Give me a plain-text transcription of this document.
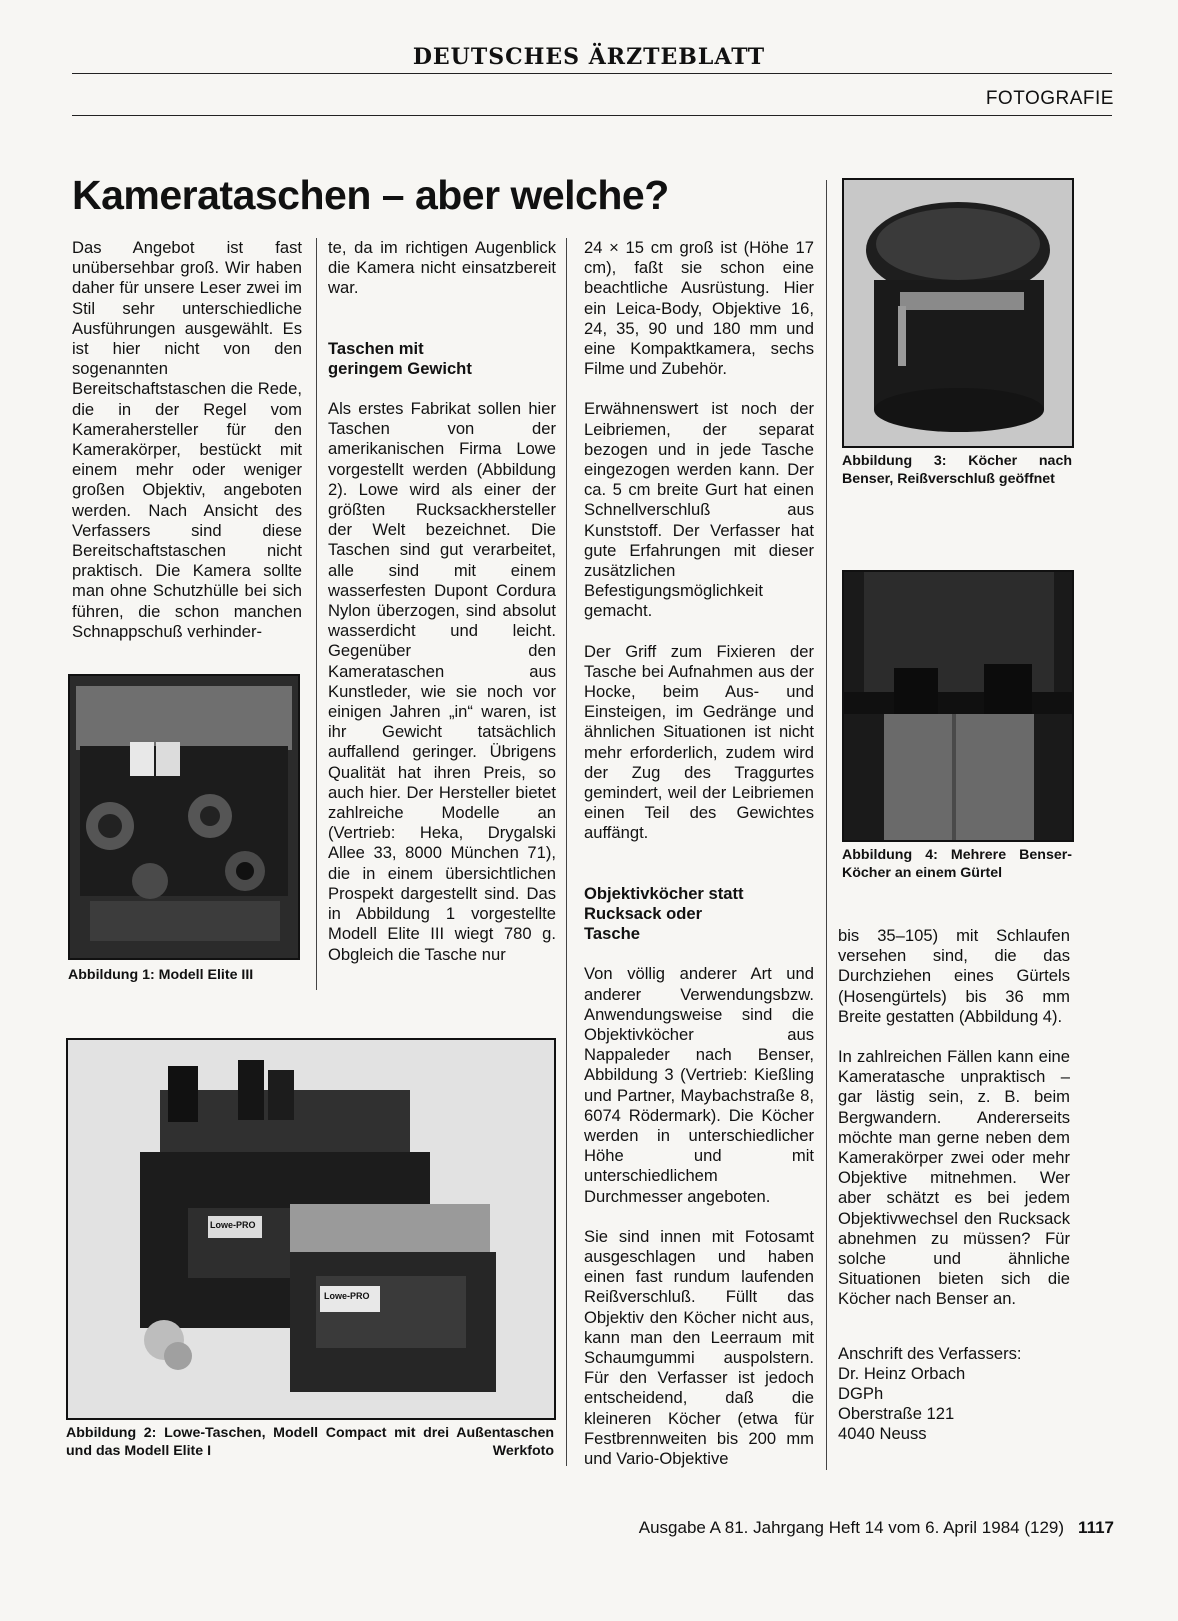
DEUTSCHES ÄRZTEBLATT
FOTOGRAFIE
Kamerataschen – aber welche?

Das Angebot ist fast unübersehbar groß. Wir haben daher für unsere Leser zwei im Stil sehr unterschiedliche Ausführungen ausgewählt. Es ist hier nicht von den sogenannten Bereitschaftstaschen die Rede, die in der Regel vom Kamerahersteller für den Kamerakörper, bestückt mit einem mehr oder weniger großen Objektiv, angeboten werden. Nach Ansicht des Verfassers sind diese Bereitschaftstaschen nicht praktisch. Die Kamera sollte man ohne Schutzhülle bei sich führen, die schon manchen Schnappschuß verhinder-

Abbildung 1: Modell Elite III

te, da im richtigen Augenblick die Kamera nicht einsatzbereit war.

Taschen mit geringem Gewicht

Als erstes Fabrikat sollen hier Taschen von der amerikanischen Firma Lowe vorgestellt werden (Abbildung 2). Lowe wird als einer der größten Rucksackhersteller der Welt bezeichnet. Die Taschen sind gut verarbeitet, alle sind mit einem wasserfesten Dupont Cordura Nylon überzogen, sind absolut wasserdicht und leicht. Gegenüber den Kamerataschen aus Kunstleder, wie sie noch vor einigen Jahren „in“ waren, ist ihr Gewicht tatsächlich auffallend geringer. Übrigens Qualität hat ihren Preis, so auch hier. Der Hersteller bietet zahlreiche Modelle an (Vertrieb: Heka, Drygalski Allee 33, 8000 München 71), die in einem übersichtlichen Prospekt dargestellt sind. Das in Abbildung 1 vorgestellte Modell Elite III wiegt 780 g. Obgleich die Tasche nur

24 × 15 cm groß ist (Höhe 17 cm), faßt sie schon eine beachtliche Ausrüstung. Hier ein Leica-Body, Objektive 16, 24, 35, 90 und 180 mm und eine Kompaktkamera, sechs Filme und Zubehör.

Erwähnenswert ist noch der Leibriemen, der separat bezogen und in jede Tasche eingezogen werden kann. Der ca. 5 cm breite Gurt hat einen Schnellverschluß aus Kunststoff. Der Verfasser hat gute Erfahrungen mit dieser zusätzlichen Befestigungsmöglichkeit gemacht.

Der Griff zum Fixieren der Tasche bei Aufnahmen aus der Hocke, beim Aus- und Einsteigen, im Gedränge und ähnlichen Situationen ist nicht mehr erforderlich, zudem wird der Zug des Traggurtes gemindert, weil der Leibriemen einen Teil des Gewichtes auffängt.

Objektivköcher statt Rucksack oder Tasche

Von völlig anderer Art und anderer Verwendungsbzw. Anwendungsweise sind die Objektivköcher aus Nappaleder nach Benser, Abbildung 3 (Vertrieb: Kießling und Partner, Maybachstraße 8, 6074 Rödermark). Die Köcher werden in unterschiedlicher Höhe und mit unterschiedlichem Durchmesser angeboten.

Sie sind innen mit Fotosamt ausgeschlagen und haben einen fast rundum laufenden Reißverschluß. Füllt das Objektiv den Köcher nicht aus, kann man den Leerraum mit Schaumgummi auspolstern. Für den Verfasser ist jedoch entscheidend, daß die kleineren Köcher (etwa für Festbrennweiten bis 200 mm und Vario-Objektive

Abbildung 3: Köcher nach Benser, Reißverschluß geöffnet
Abbildung 4: Mehrere Benser-Köcher an einem Gürtel

bis 35–105) mit Schlaufen versehen sind, die das Durchziehen eines Gürtels (Hosengürtels) bis 36 mm Breite gestatten (Abbildung 4).

In zahlreichen Fällen kann eine Kameratasche unpraktisch – gar lästig sein, z. B. beim Bergwandern. Andererseits möchte man gerne neben dem Kamerakörper zwei oder mehr Objektive mitnehmen. Wer aber schätzt es bei jedem Objektivwechsel den Rucksack abnehmen zu müssen? Für solche und ähnliche Situationen bieten sich die Köcher nach Benser an.

Anschrift des Verfassers:
Dr. Heinz Orbach
DGPh
Oberstraße 121
4040 Neuss
Lowe-PRO
Lowe-PRO
Abbildung 2: Lowe-Taschen, Modell Compact mit drei Außentaschen und das Modell Elite I	Werkfoto
Ausgabe A 81. Jahrgang Heft 14 vom 6. April 1984 (129) 1117
